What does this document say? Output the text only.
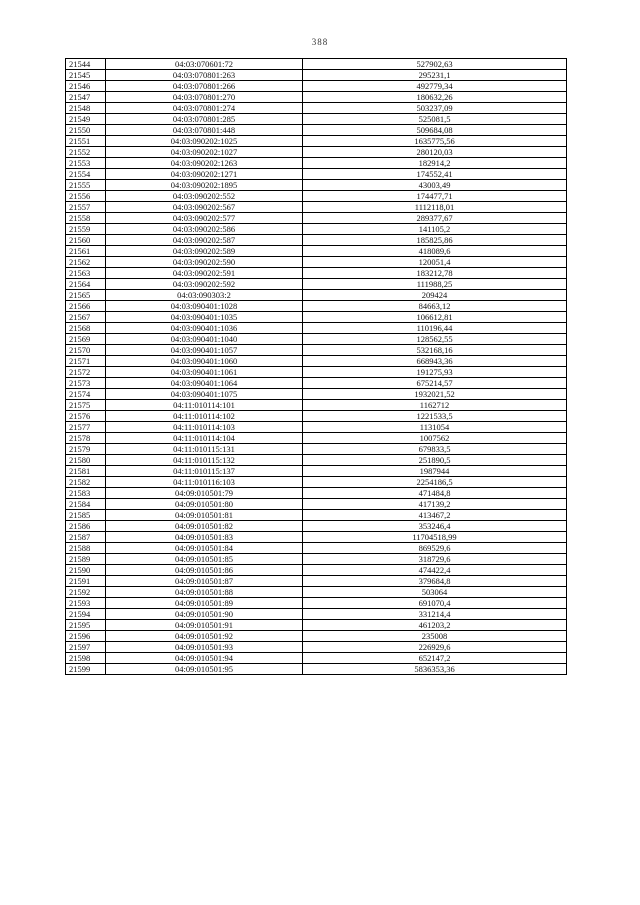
388
21544	04:03:070601:72	527902,63
21545	04:03:070801:263	295231,1
21546	04:03:070801:266	492779,34
21547	04:03:070801:270	180632,26
21548	04:03:070801:274	503237,09
21549	04:03:070801:285	525081,5
21550	04:03:070801:448	509684,08
21551	04:03:090202:1025	1635775,56
21552	04:03:090202:1027	280120,03
21553	04:03:090202:1263	182914,2
21554	04:03:090202:1271	174552,41
21555	04:03:090202:1895	43003,49
21556	04:03:090202:552	174477,71
21557	04:03:090202:567	1112118,01
21558	04:03:090202:577	289377,67
21559	04:03:090202:586	141105,2
21560	04:03:090202:587	185825,86
21561	04:03:090202:589	418089,6
21562	04:03:090202:590	120051,4
21563	04:03:090202:591	183212,78
21564	04:03:090202:592	111988,25
21565	04:03:090303:2	209424
21566	04:03:090401:1028	84663,12
21567	04:03:090401:1035	106612,81
21568	04:03:090401:1036	110196,44
21569	04:03:090401:1040	128562,55
21570	04:03:090401:1057	532168,16
21571	04:03:090401:1060	668943,36
21572	04:03:090401:1061	191275,93
21573	04:03:090401:1064	675214,57
21574	04:03:090401:1075	1932021,52
21575	04:11:010114:101	1162712
21576	04:11:010114:102	1221533,5
21577	04:11:010114:103	1131054
21578	04:11:010114:104	1007562
21579	04:11:010115:131	679833,5
21580	04:11:010115:132	251890,5
21581	04:11:010115:137	1987944
21582	04:11:010116:103	2254186,5
21583	04:09:010501:79	471484,8
21584	04:09:010501:80	417139,2
21585	04:09:010501:81	413467,2
21586	04:09:010501:82	353246,4
21587	04:09:010501:83	11704518,99
21588	04:09:010501:84	869529,6
21589	04:09:010501:85	318729,6
21590	04:09:010501:86	474422,4
21591	04:09:010501:87	379684,8
21592	04:09:010501:88	503064
21593	04:09:010501:89	691070,4
21594	04:09:010501:90	331214,4
21595	04:09:010501:91	461203,2
21596	04:09:010501:92	235008
21597	04:09:010501:93	226929,6
21598	04:09:010501:94	652147,2
21599	04:09:010501:95	5836353,36
